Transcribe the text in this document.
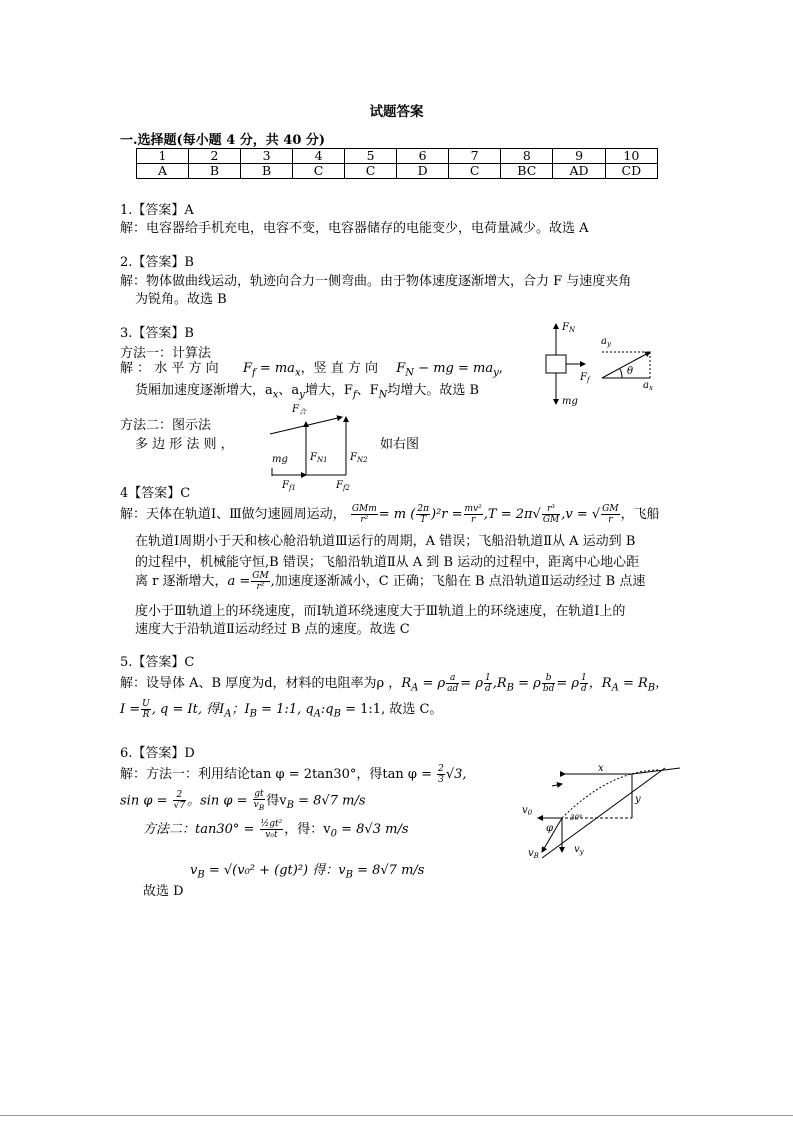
试题答案
一.选择题(每小题 4 分，共 40 分)
1	2	3	4	5	6	7	8	9	10
A	B	B	C	C	D	C	BC	AD	CD
1.【答案】A
解：电容器给手机充电，电容不变，电容器储存的电能变少，电荷量减少。故选 A
2.【答案】B
解：物体做曲线运动，轨迹向合力一侧弯曲。由于物体速度逐渐增大，合力 F 与速度夹角
为锐角。故选 B
3.【答案】B
方法一：计算法
解 ： 水 平 方 向 $F_f = ma_x$，竖 直 方 向 $F_N$ − mg = $ma_y$,
货厢加速度逐渐增大，$a_x$、$a_y$增大，$F_f$、$F_N$均增大。故选 B
方法二：图示法
多 边 形 法 则 ，	如右图
$F_N$
$F_f$
mg
$a_y$
θ
$a_x$
$F_合$
mg $F_{N1}$ $F_{N2}$
$F_{f1}$	$F_{f2}$
4【答案】C
解：天体在轨道Ⅰ、Ⅲ做匀速圆周运动， $\frac{\text{GMm}}{\text{r²}} = m$ ( $\frac{2\pi}{T} )^2r = \frac{\text{mv²}}{r} ,T = 2\pi√ \frac{\text{r³}}{GM} ,v$ = √ $\frac{GM}{r}$ ，飞船
在轨道Ⅰ周期小于天和核心舱沿轨道Ⅲ运行的周期，A 错误；飞船沿轨道Ⅱ从 A 运动到 B
的过程中，机械能守恒,B 错误；飞船沿轨道Ⅱ从 A 到 B 运动的过程中，距离中心地心距
离 r 逐渐增大，$a = \frac{GM}{\text{r²}}$ ,加速度逐渐减小，C 正确；飞船在 B 点沿轨道Ⅱ运动经过 B 点速
度小于Ⅲ轨道上的环绕速度，而Ⅰ轨道环绕速度大于Ⅲ轨道上的环绕速度，在轨道Ⅰ上的
速度大于沿轨道Ⅱ运动经过 B 点的速度。故选 C
5.【答案】C
解：设导体 A、B 厚度为d，材料的电阻率为ρ ，$R_A = \rho \frac{a}{ad} = \rho \frac{1}{d} ,R_B = \rho \frac{b}{bd} = \rho \frac{1}{d}$ ，$R_A = R_B$，
$I = \frac{U}{R}$ , q = It, 得$I_A$；$I_B$ = 1:1, $q_A:q_B$ = 1:1, 故选 C。
6.【答案】D
解：方法一：利用结论tan φ = 2tan30°，得$\tan \varphi = \frac{2}{3} √3$,
$\sin \varphi = \frac{2}{√7}$ 。$\sin \varphi = \frac{gt}{v_B}$ 得$v_B = 8√7$ m/s
方法二：$\tan 30^\circ = \frac{\text{½gt²}}{\text{v₀t}}$ ，得：$v_0 = 8√3$ m/s
$v_B = √(v_0^2 + (gt)^2)$ 得：$v_B = 8√7$ m/s
故选 D
x
y
$v_0$
φ
30°
$v_B$
$v_y$
